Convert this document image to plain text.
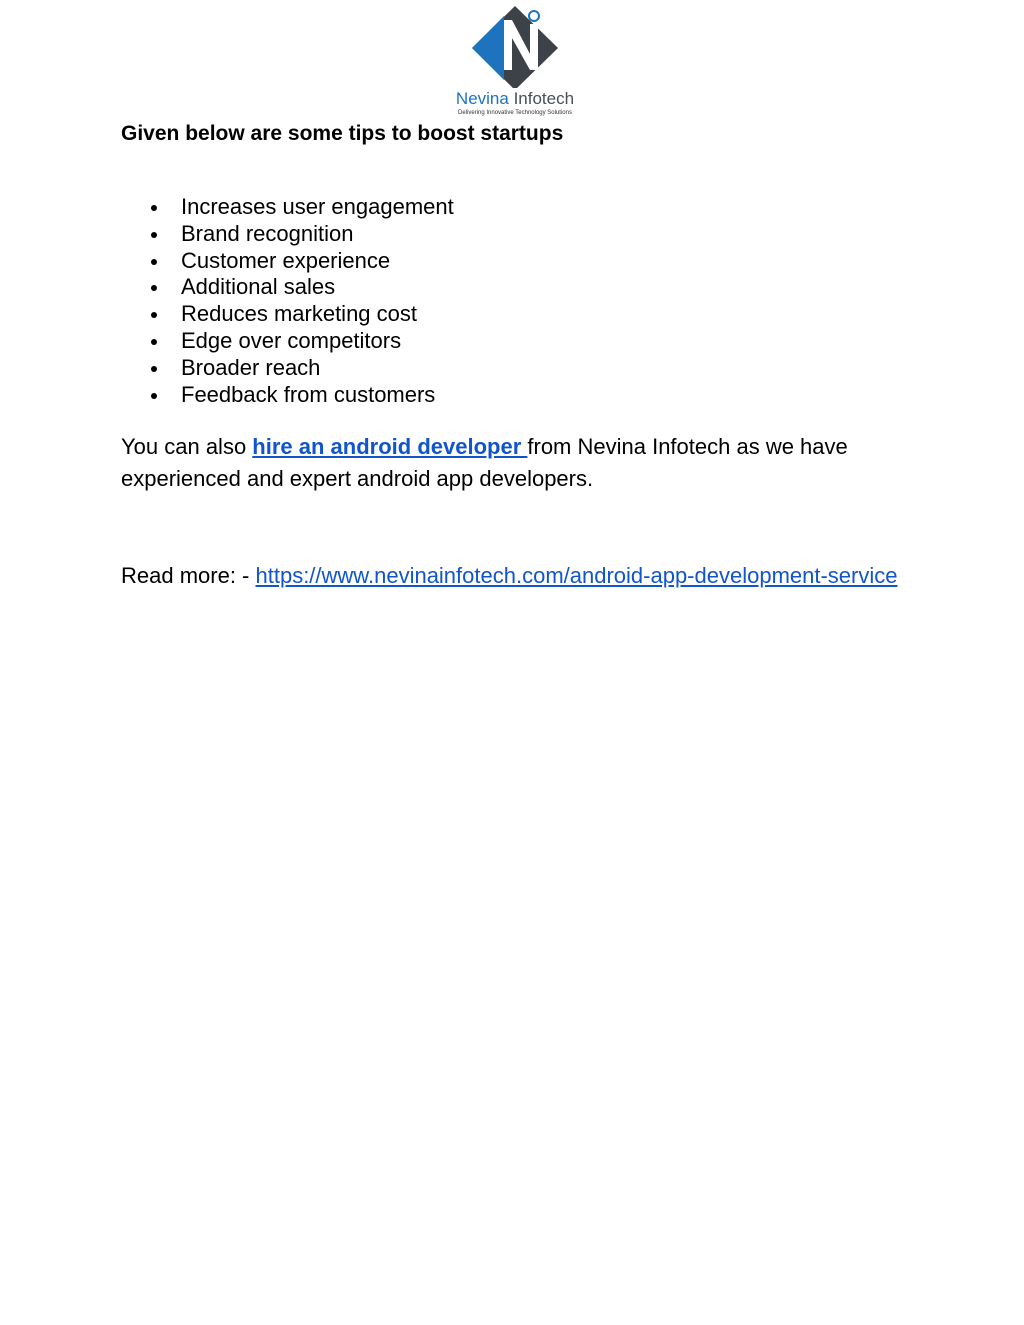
Nevina Infotech
Delivering Innovative Technology Solutions
Given below are some tips to boost startups
Increases user engagement
Brand recognition
Customer experience
Additional sales
Reduces marketing cost
Edge over competitors
Broader reach
Feedback from customers

You can also hire an android developer from Nevina Infotech as we have experienced and expert android app developers.

Read more: - https://www.nevinainfotech.com/android-app-development-service
